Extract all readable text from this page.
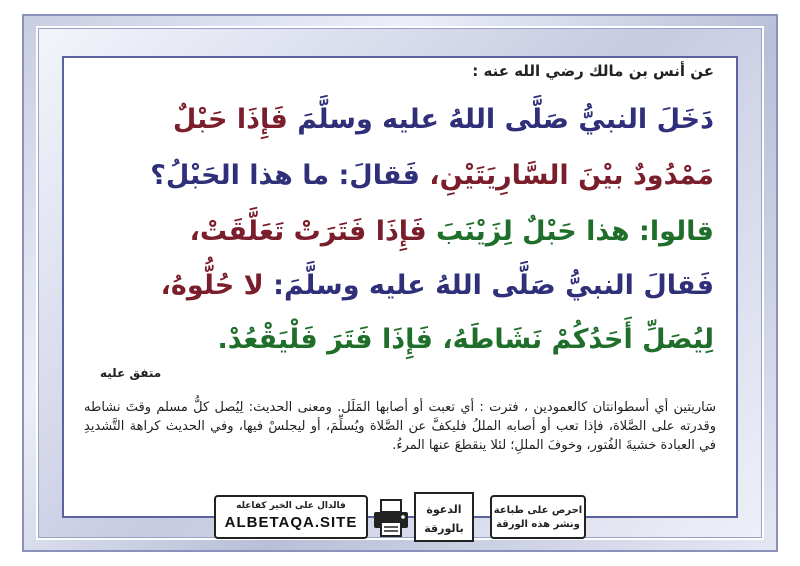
عن أنس بن مالك رضي الله عنه :
دَخَلَ النبيُّ صَلَّى اللهُ عليه وسلَّمَ فَإِذَا حَبْلٌ
مَمْدُودٌ بيْنَ السَّارِيَتَيْنِ، فَقالَ: ما هذا الحَبْلُ؟
قالوا: هذا حَبْلٌ لِزَيْنَبَ فَإِذَا فَتَرَتْ تَعَلَّقَتْ،
فَقالَ النبيُّ صَلَّى اللهُ عليه وسلَّمَ: لا حُلُّوهُ،
لِيُصَلِّ أَحَدُكُمْ نَشَاطَهُ، فَإِذَا فَتَرَ فَلْيَقْعُدْ.
متفق عليه
سَاريتين أي أسطوانتان كالعمودين ، فترت : أي تعبت أو أصابها المَلَل. ومعنى الحديث: لِيُصل كلُّ مسلم وقتَ نشاطه وقدرته على الصَّلاة، فإذا تعب أو أصابه المللُ فليكفَّ عن الصَّلاة ويُسلِّمَ، أو ليجلسْ فيها، وفي الحديث كراهة التَّشديدِ في العبادة خشيةَ الفُتور، وخوفَ المللِ؛ لئلا ينقطعَ عنها المرءُ.
فالدال على الخير كفاعله
ALBETAQA.SITE
الدعوة
بالورقة
احرص على طباعة
ونشر هذه الورقة
